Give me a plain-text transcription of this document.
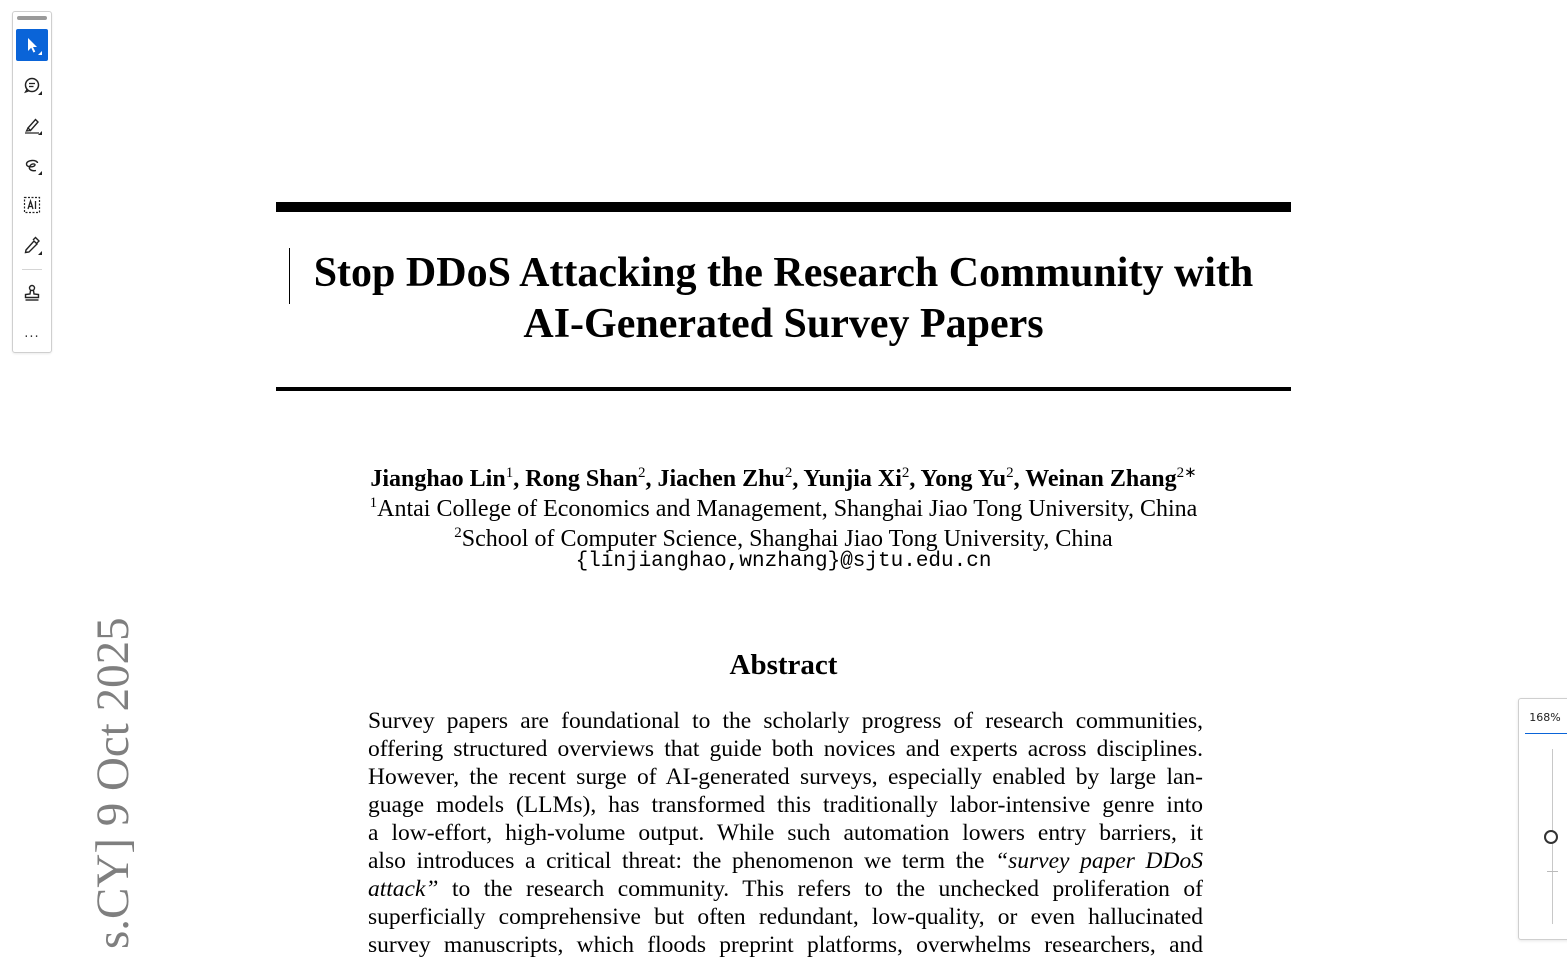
···
s.CY] 9 Oct 2025
Stop DDoS Attacking the Research Community with
AI-Generated Survey Papers
Jianghao Lin$^1$, Rong Shan$^2$, Jiachen Zhu$^2$, Yunjia Xi$^2$, Yong Yu$^2$, Weinan Zhang$^{2∗}$
$^1$Antai College of Economics and Management, Shanghai Jiao Tong University, China
$^2$School of Computer Science, Shanghai Jiao Tong University, China
{linjianghao,wnzhang}@sjtu.edu.cn
Abstract
Survey papers are foundational to the scholarly progress of research communities,
offering structured overviews that guide both novices and experts across disciplines.
However, the recent surge of AI-generated surveys, especially enabled by large lan-
guage models (LLMs), has transformed this traditionally labor-intensive genre into
a low-effort, high-volume output. While such automation lowers entry barriers, it
also introduces a critical threat: the phenomenon we term the “survey paper DDoS
attack” to the research community. This refers to the unchecked proliferation of
superficially comprehensive but often redundant, low-quality, or even hallucinated
survey manuscripts, which floods preprint platforms, overwhelms researchers, and
168%
